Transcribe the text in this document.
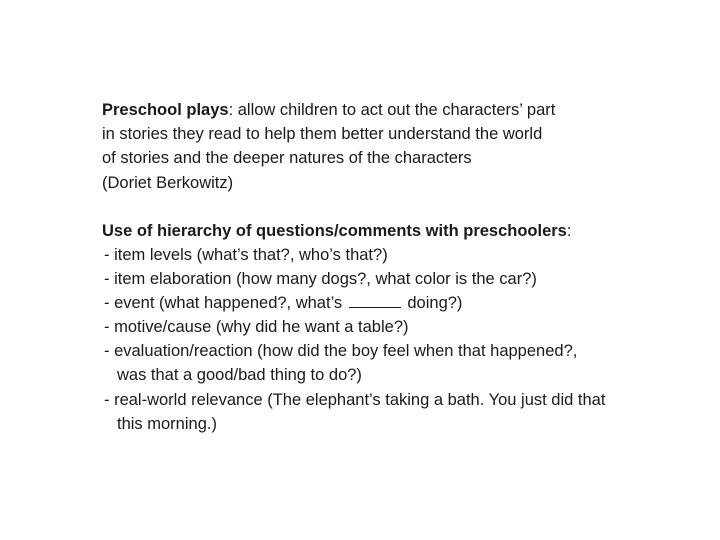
Preschool plays: allow children to act out the characters’ part
in stories they read to help them better understand the world
of stories and the deeper natures of the characters
(Doriet Berkowitz)
Use of hierarchy of questions/comments with preschoolers:
- item levels (what’s that?, who’s that?)
- item elaboration (how many dogs?, what color is the car?)
- event (what happened?, what’s	doing?)
- motive/cause (why did he want a table?)
- evaluation/reaction (how did the boy feel when that happened?,
was that a good/bad thing to do?)
- real-world relevance (The elephant’s taking a bath. You just did that
this morning.)
